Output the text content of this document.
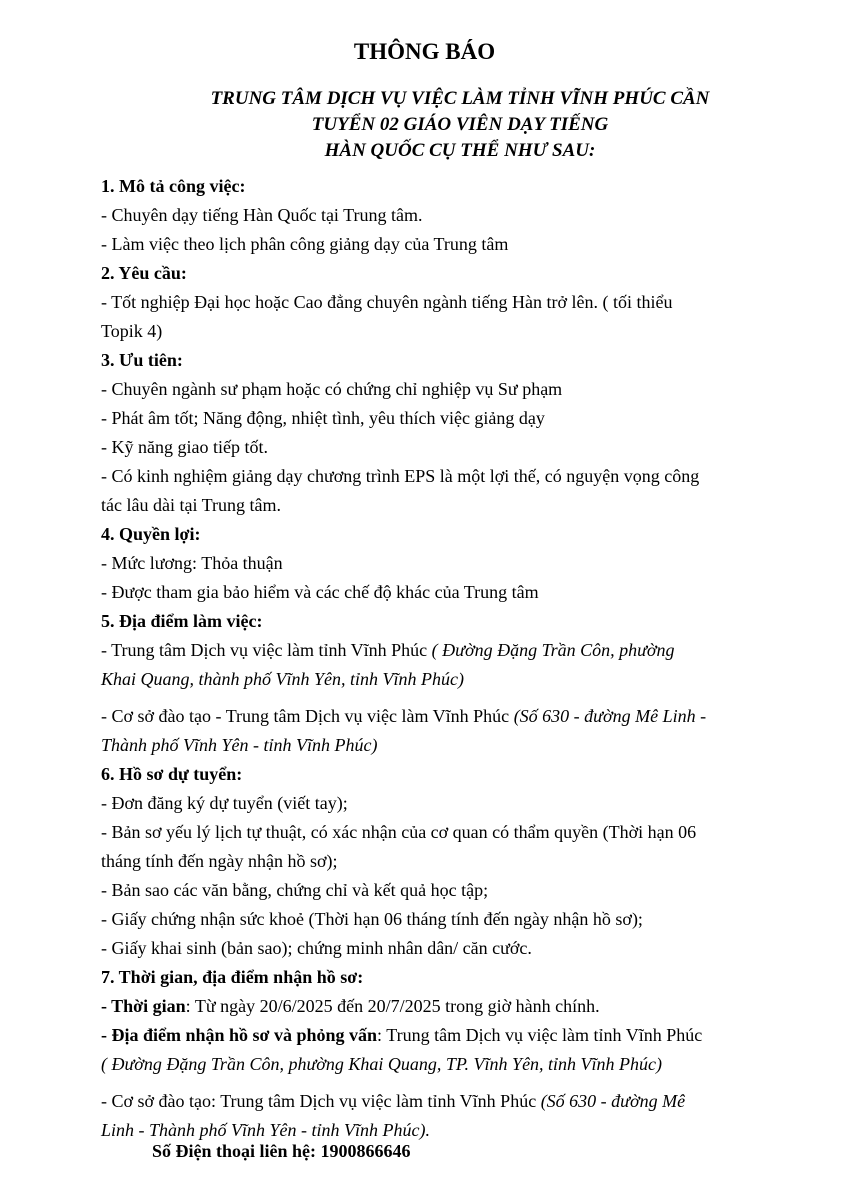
THÔNG BÁO
TRUNG TÂM DỊCH VỤ VIỆC LÀM TỈNH VĨNH PHÚC CẦN
TUYỂN 02 GIÁO VIÊN DẠY TIẾNG
HÀN QUỐC CỤ THỂ NHƯ SAU:
1. Mô tả công việc:
- Chuyên dạy tiếng Hàn Quốc tại Trung tâm.
- Làm việc theo lịch phân công giảng dạy của Trung tâm
2. Yêu cầu:
- Tốt nghiệp Đại học hoặc Cao đẳng chuyên ngành tiếng Hàn trở lên. ( tối thiểu
Topik 4)
3. Ưu tiên:
- Chuyên ngành sư phạm hoặc có chứng chỉ nghiệp vụ Sư phạm
- Phát âm tốt; Năng động, nhiệt tình, yêu thích việc giảng dạy
- Kỹ năng giao tiếp tốt.
- Có kinh nghiệm giảng dạy chương trình EPS là một lợi thế, có nguyện vọng công
tác lâu dài tại Trung tâm.
4. Quyền lợi:
- Mức lương: Thỏa thuận
- Được tham gia bảo hiểm và các chế độ khác của Trung tâm
5. Địa điểm làm việc:
- Trung tâm Dịch vụ việc làm tỉnh Vĩnh Phúc ( Đường Đặng Trần Côn, phường
Khai Quang, thành phố Vĩnh Yên, tỉnh Vĩnh Phúc)
- Cơ sở đào tạo - Trung tâm Dịch vụ việc làm Vĩnh Phúc (Số 630 - đường Mê Linh -
Thành phố Vĩnh Yên - tỉnh Vĩnh Phúc)
6. Hồ sơ dự tuyển:
- Đơn đăng ký dự tuyển (viết tay);
- Bản sơ yếu lý lịch tự thuật, có xác nhận của cơ quan có thẩm quyền (Thời hạn 06
tháng tính đến ngày nhận hồ sơ);
- Bản sao các văn bằng, chứng chỉ và kết quả học tập;
- Giấy chứng nhận sức khoẻ (Thời hạn 06 tháng tính đến ngày nhận hồ sơ);
- Giấy khai sinh (bản sao); chứng minh nhân dân/ căn cước.
7. Thời gian, địa điểm nhận hồ sơ:
- Thời gian: Từ ngày 20/6/2025 đến 20/7/2025 trong giờ hành chính.
- Địa điểm nhận hồ sơ và phỏng vấn: Trung tâm Dịch vụ việc làm tỉnh Vĩnh Phúc
( Đường Đặng Trần Côn, phường Khai Quang, TP. Vĩnh Yên, tỉnh Vĩnh Phúc)
- Cơ sở đào tạo: Trung tâm Dịch vụ việc làm tỉnh Vĩnh Phúc (Số 630 - đường Mê
Linh - Thành phố Vĩnh Yên - tỉnh Vĩnh Phúc).
Số Điện thoại liên hệ: 1900866646
